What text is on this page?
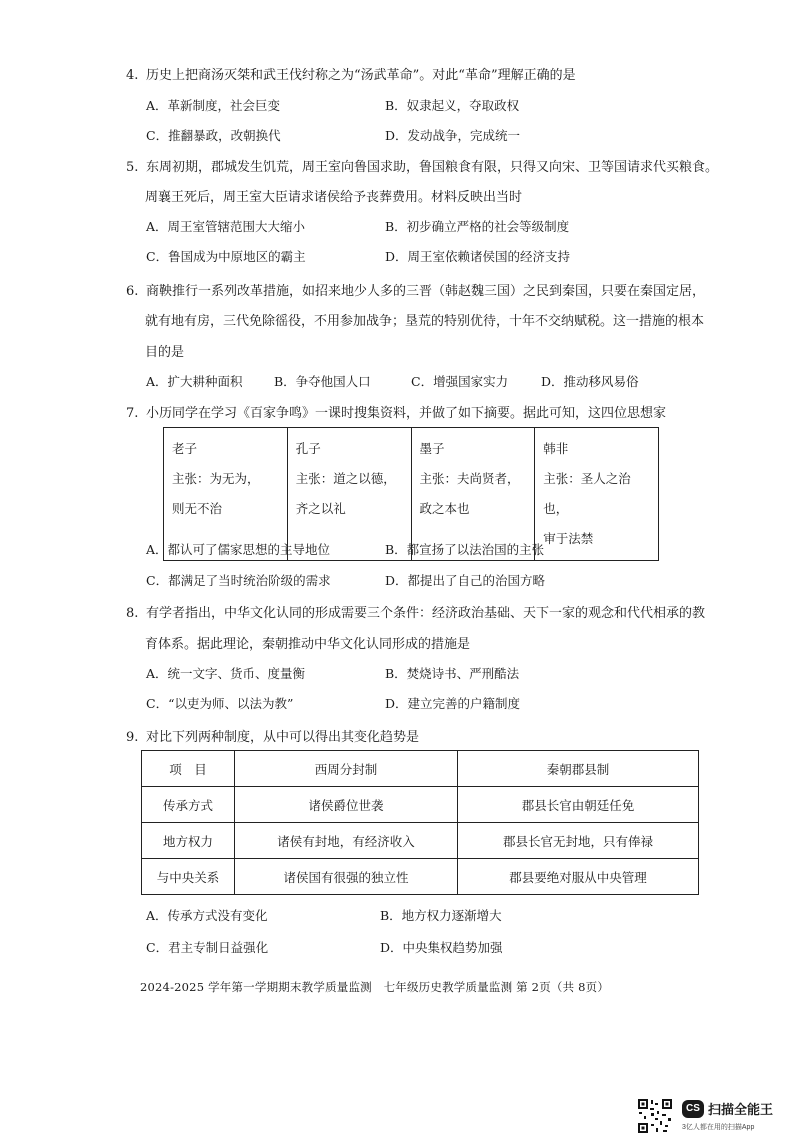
4. 历史上把商汤灭桀和武王伐纣称之为“汤武革命”。对此“革命”理解正确的是
A．革新制度，社会巨变	B．奴隶起义，夺取政权
C．推翻暴政，改朝换代	D．发动战争，完成统一
5. 东周初期，郡城发生饥荒，周王室向鲁国求助，鲁国粮食有限，只得又向宋、卫等国请求代买粮食。
周襄王死后，周王室大臣请求诸侯给予丧葬费用。材料反映出当时
A．周王室管辖范围大大缩小	B．初步确立严格的社会等级制度
C．鲁国成为中原地区的霸主	D．周王室依赖诸侯国的经济支持
6. 商鞅推行一系列改革措施，如招来地少人多的三晋（韩赵魏三国）之民到秦国，只要在秦国定居，
就有地有房，三代免除徭役，不用参加战争；垦荒的特别优待，十年不交纳赋税。这一措施的根本
目的是
A．扩大耕种面积	B．争夺他国人口	C．增强国家实力	D．推动移风易俗
7. 小历同学在学习《百家争鸣》一课时搜集资料，并做了如下摘要。据此可知，这四位思想家
老子
主张：为无为，
则无不治

孔子
主张：道之以德，
齐之以礼

墨子
主张：夫尚贤者，
政之本也

韩非
主张：圣人之治也，
审于法禁
A．都认可了儒家思想的主导地位	B．都宣扬了以法治国的主张
C．都满足了当时统治阶级的需求	D．都提出了自己的治国方略
8. 有学者指出，中华文化认同的形成需要三个条件：经济政治基础、天下一家的观念和代代相承的教
育体系。据此理论，秦朝推动中华文化认同形成的措施是
A．统一文字、货币、度量衡	B．焚烧诗书、严刑酷法
C．“以吏为师、以法为教”	D．建立完善的户籍制度
9. 对比下列两种制度，从中可以得出其变化趋势是
项　目	西周分封制	秦朝郡县制
传承方式	诸侯爵位世袭	郡县长官由朝廷任免
地方权力	诸侯有封地，有经济收入	郡县长官无封地，只有俸禄
与中央关系	诸侯国有很强的独立性	郡县要绝对服从中央管理
A．传承方式没有变化	B．地方权力逐渐增大
C．君主专制日益强化	D．中央集权趋势加强
2024-2025 学年第一学期期末教学质量监测　七年级历史教学质量监测 第 2页（共 8页）
CS 扫描全能王
3亿人都在用的扫描App
